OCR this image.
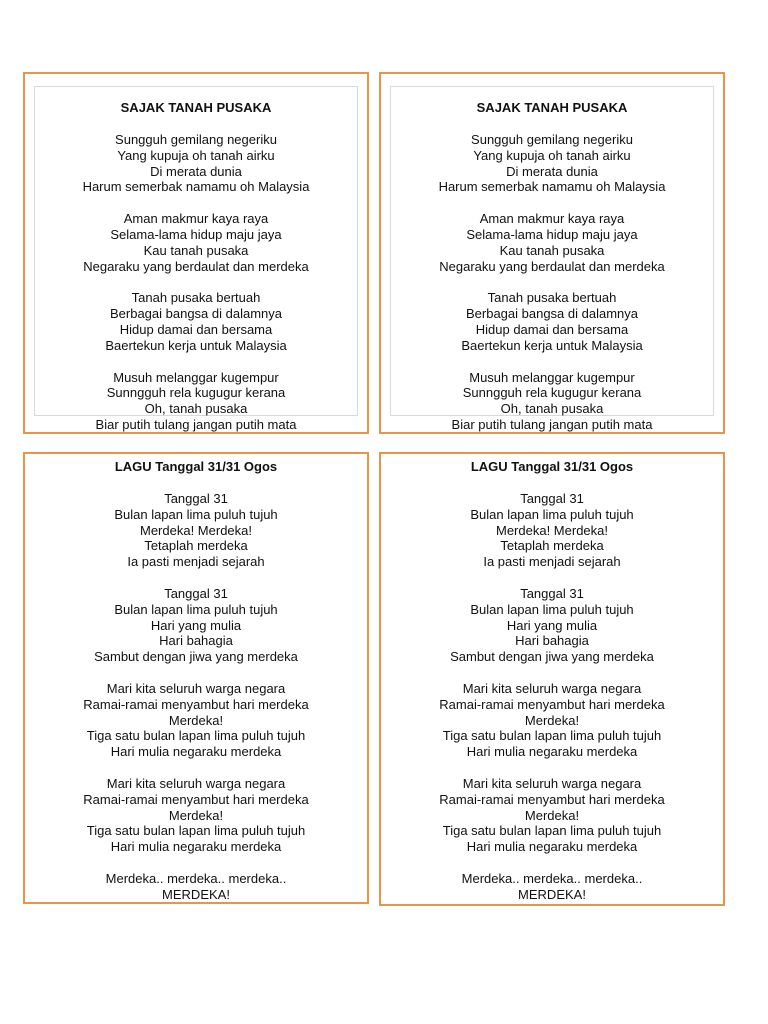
SAJAK TANAH PUSAKA
Sungguh gemilang negeriku
Yang kupuja oh tanah airku
Di merata dunia
Harum semerbak namamu oh Malaysia
Aman makmur kaya raya
Selama-lama hidup maju jaya
Kau tanah pusaka
Negaraku yang berdaulat dan merdeka
Tanah pusaka bertuah
Berbagai bangsa di dalamnya
Hidup damai dan bersama
Baertekun kerja untuk Malaysia
Musuh melanggar kugempur
Sunngguh rela kugugur kerana
Oh, tanah pusaka
Biar putih tulang jangan putih mata
SAJAK TANAH PUSAKA
Sungguh gemilang negeriku
Yang kupuja oh tanah airku
Di merata dunia
Harum semerbak namamu oh Malaysia
Aman makmur kaya raya
Selama-lama hidup maju jaya
Kau tanah pusaka
Negaraku yang berdaulat dan merdeka
Tanah pusaka bertuah
Berbagai bangsa di dalamnya
Hidup damai dan bersama
Baertekun kerja untuk Malaysia
Musuh melanggar kugempur
Sunngguh rela kugugur kerana
Oh, tanah pusaka
Biar putih tulang jangan putih mata
LAGU Tanggal 31/31 Ogos
Tanggal 31
Bulan lapan lima puluh tujuh
Merdeka! Merdeka!
Tetaplah merdeka
Ia pasti menjadi sejarah
Tanggal 31
Bulan lapan lima puluh tujuh
Hari yang mulia
Hari bahagia
Sambut dengan jiwa yang merdeka
Mari kita seluruh warga negara
Ramai-ramai menyambut hari merdeka
Merdeka!
Tiga satu bulan lapan lima puluh tujuh
Hari mulia negaraku merdeka
Mari kita seluruh warga negara
Ramai-ramai menyambut hari merdeka
Merdeka!
Tiga satu bulan lapan lima puluh tujuh
Hari mulia negaraku merdeka
Merdeka.. merdeka.. merdeka..
MERDEKA!
LAGU Tanggal 31/31 Ogos
Tanggal 31
Bulan lapan lima puluh tujuh
Merdeka! Merdeka!
Tetaplah merdeka
Ia pasti menjadi sejarah
Tanggal 31
Bulan lapan lima puluh tujuh
Hari yang mulia
Hari bahagia
Sambut dengan jiwa yang merdeka
Mari kita seluruh warga negara
Ramai-ramai menyambut hari merdeka
Merdeka!
Tiga satu bulan lapan lima puluh tujuh
Hari mulia negaraku merdeka
Mari kita seluruh warga negara
Ramai-ramai menyambut hari merdeka
Merdeka!
Tiga satu bulan lapan lima puluh tujuh
Hari mulia negaraku merdeka
Merdeka.. merdeka.. merdeka..
MERDEKA!
